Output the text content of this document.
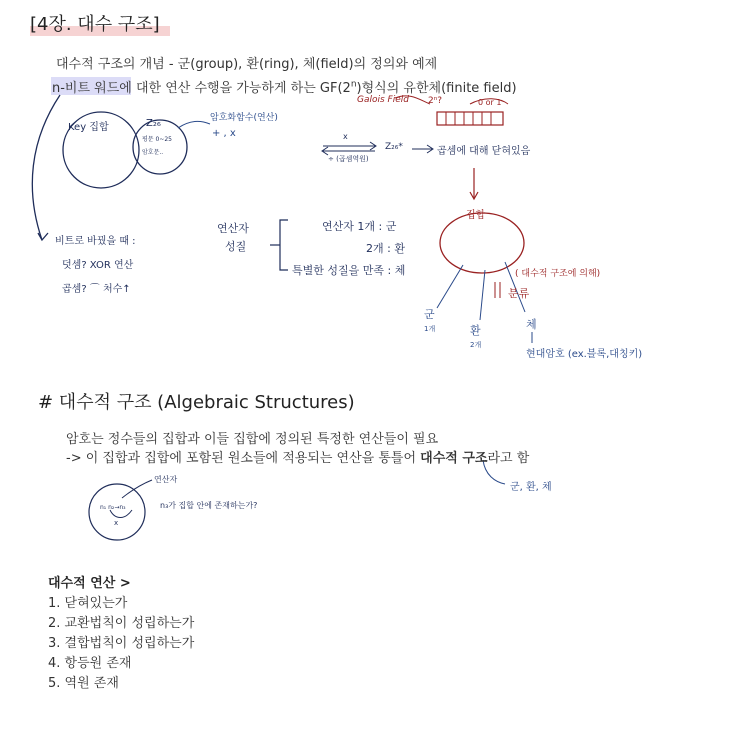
[4장. 대수 구조]
대수적 구조의 개념 - 군(group), 환(ring), 체(field)의 정의와 예제
n-비트 워드에 대한 연산 수행을 가능하게 하는 GF(2$^n$)형식의 유한체(finite field)
Key 집합	Z₂₆
평문 0~25
암호문..
암호화함수(연산)
+ , x	x
÷ (곱셈역원)
Z₂₆*	곱셈에 대해 닫혀있음
Galois Field 2ⁿ?	0 or 1
비트로 바꿨을 때 :
덧셈? XOR 연산
곱셈? ⌒ 처수↑
연산자
성질
연산자 1개 : 군
2개 : 환
특별한 성질을 만족 : 체
집합
( 대수적 구조에 의해)
분류
군
1개	환
2개
체
현대암호 (ex.블록,대칭키)
# 대수적 구조 (Algebraic Structures)
암호는 정수들의 집합과 이들 집합에 정의된 특정한 연산들이 필요
-> 이 집합과 집합에 포함된 원소들에 적용되는 연산을 통틀어 대수적 구조라고 함
군, 환, 체
연산자
n₁ n₂→n₃
x
n₃가 집합 안에 존재하는가?
대수적 연산 >
1. 닫혀있는가
2. 교환법칙이 성립하는가
3. 결합법칙이 성립하는가
4. 항등원 존재
5. 역원 존재
